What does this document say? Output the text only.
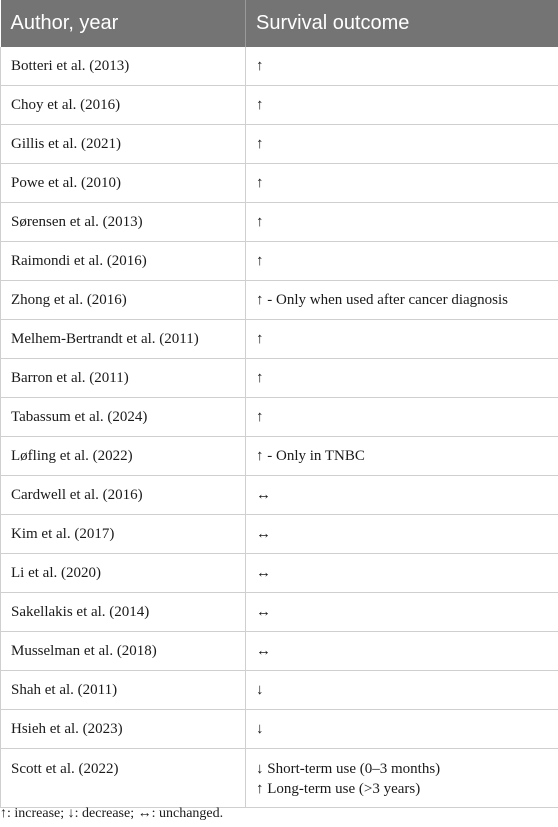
Author, year	Survival outcome
Botteri et al. (2013)	↑

Choy et al. (2016)	↑

Gillis et al. (2021)	↑

Powe et al. (2010)	↑

Sørensen et al. (2013)	↑

Raimondi et al. (2016)	↑

Zhong et al. (2016)	↑ - Only when used after cancer diagnosis

Melhem-Bertrandt et al. (2011)	↑

Barron et al. (2011)	↑

Tabassum et al. (2024)	↑

Løfling et al. (2022)	↑ - Only in TNBC

Cardwell et al. (2016)	↔

Kim et al. (2017)	↔

Li et al. (2020)	↔

Sakellakis et al. (2014)	↔

Musselman et al. (2018)	↔

Shah et al. (2011)	↓

Hsieh et al. (2023)	↓

Scott et al. (2022)	↓ Short-term use (0–3 months)
↑ Long-term use (>3 years)
↑: increase; ↓: decrease; ↔: unchanged.
